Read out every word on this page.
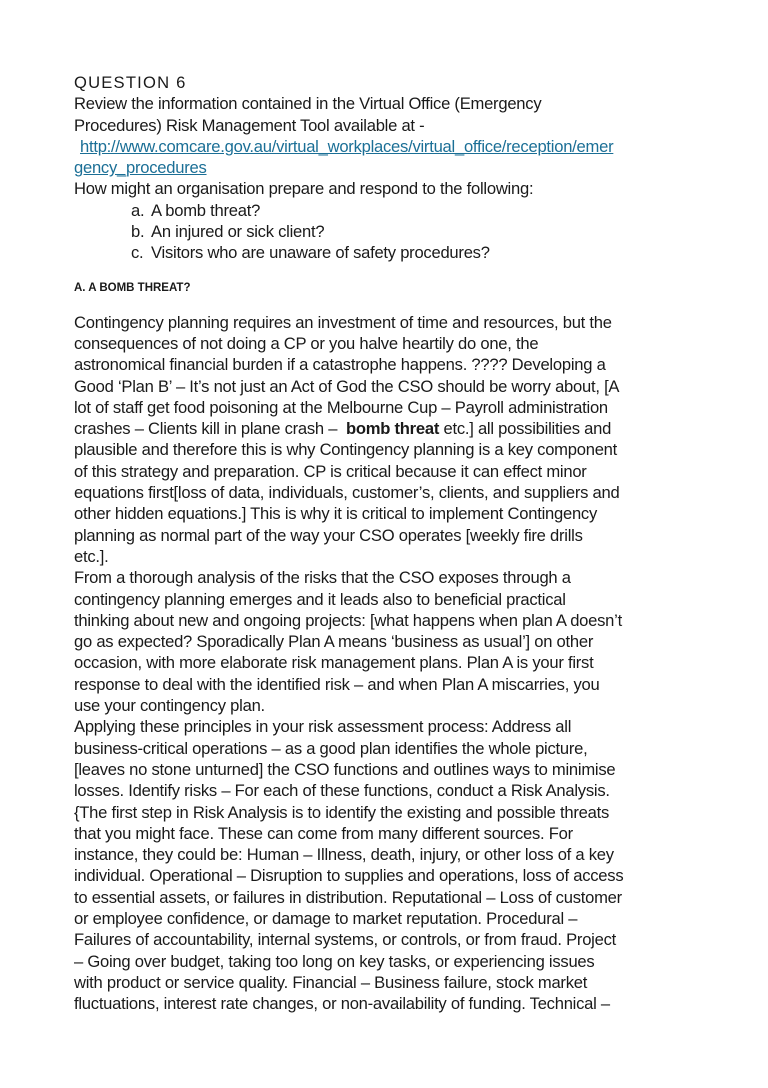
QUESTION 6
Review the information contained in the Virtual Office (Emergency
Procedures) Risk Management Tool available at -
http://www.comcare.gov.au/virtual_workplaces/virtual_office/reception/emer
gency_procedures
How might an organisation prepare and respond to the following:
a. A bomb threat?
b. An injured or sick client?
c. Visitors who are unaware of safety procedures?
A. A BOMB THREAT?
Contingency planning requires an investment of time and resources, but the
consequences of not doing a CP or you halve heartily do one, the
astronomical financial burden if a catastrophe happens. ???? Developing a
Good ‘Plan B’ – It’s not just an Act of God the CSO should be worry about, [A
lot of staff get food poisoning at the Melbourne Cup – Payroll administration
crashes – Clients kill in plane crash –  bomb threat etc.] all possibilities and
plausible and therefore this is why Contingency planning is a key component
of this strategy and preparation. CP is critical because it can effect minor
equations first[loss of data, individuals, customer’s, clients, and suppliers and
other hidden equations.] This is why it is critical to implement Contingency
planning as normal part of the way your CSO operates [weekly fire drills
etc.].
From a thorough analysis of the risks that the CSO exposes through a
contingency planning emerges and it leads also to beneficial practical
thinking about new and ongoing projects: [what happens when plan A doesn’t
go as expected? Sporadically Plan A means ‘business as usual’] on other
occasion, with more elaborate risk management plans. Plan A is your first
response to deal with the identified risk – and when Plan A miscarries, you
use your contingency plan.
Applying these principles in your risk assessment process: Address all
business-critical operations – as a good plan identifies the whole picture,
[leaves no stone unturned] the CSO functions and outlines ways to minimise
losses. Identify risks – For each of these functions, conduct a Risk Analysis.
{The first step in Risk Analysis is to identify the existing and possible threats
that you might face. These can come from many different sources. For
instance, they could be: Human – Illness, death, injury, or other loss of a key
individual. Operational – Disruption to supplies and operations, loss of access
to essential assets, or failures in distribution. Reputational – Loss of customer
or employee confidence, or damage to market reputation. Procedural –
Failures of accountability, internal systems, or controls, or from fraud. Project
– Going over budget, taking too long on key tasks, or experiencing issues
with product or service quality. Financial – Business failure, stock market
fluctuations, interest rate changes, or non-availability of funding. Technical –
